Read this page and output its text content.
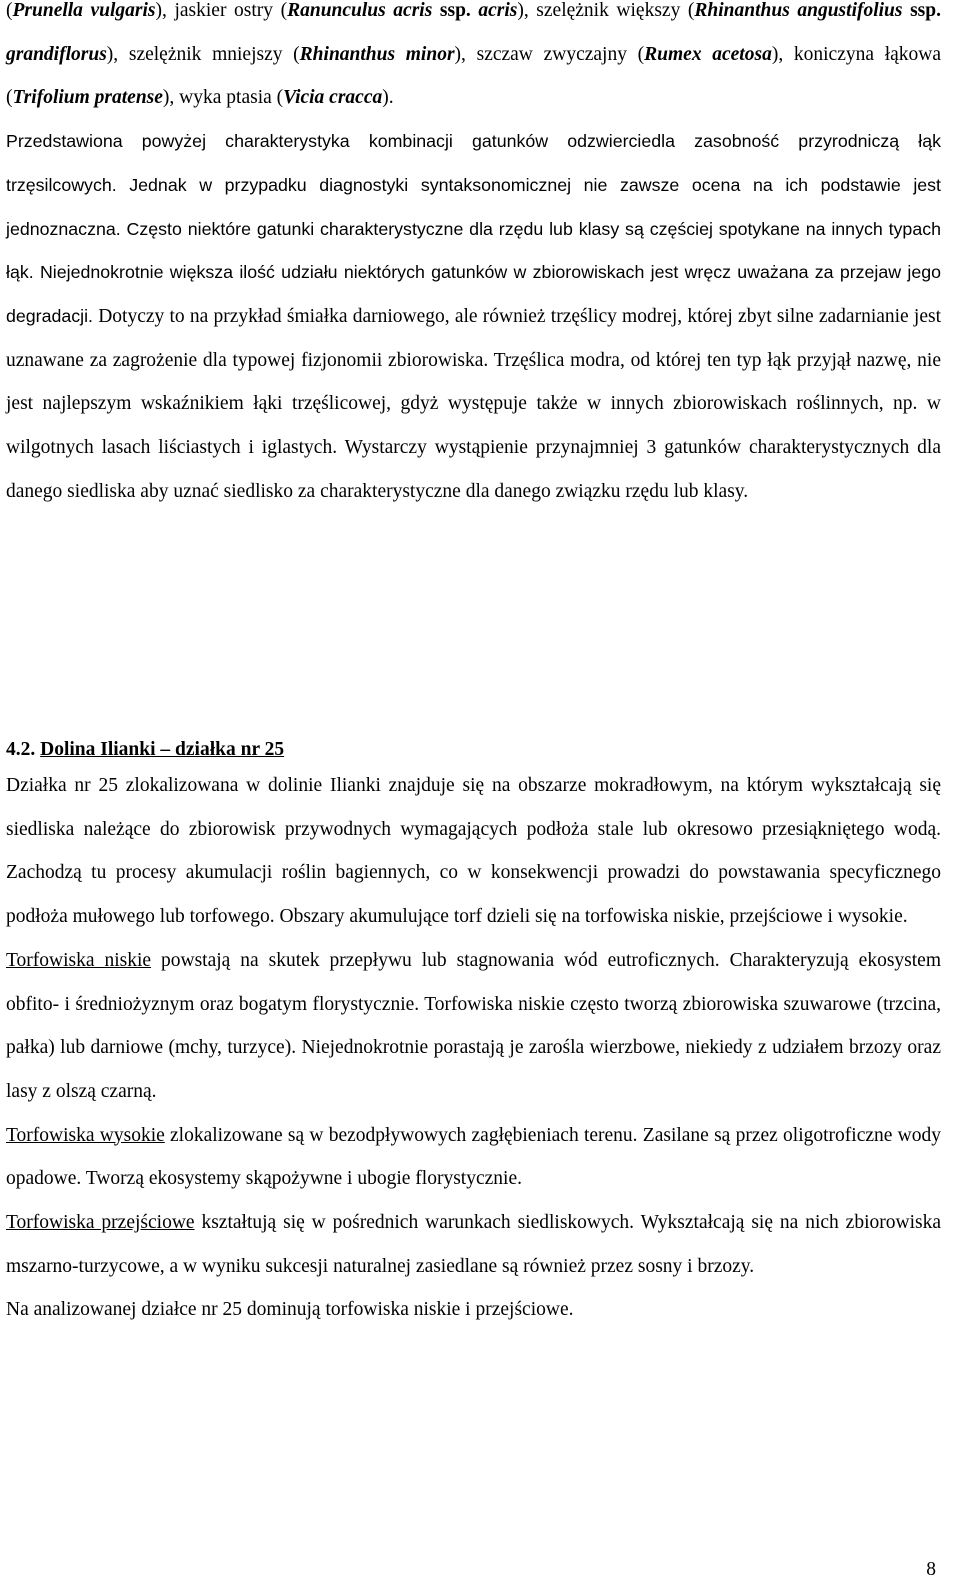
(Prunella vulgaris), jaskier ostry (Ranunculus acris ssp. acris), szelężnik większy (Rhinanthus angustifolius ssp. grandiflorus), szelężnik mniejszy (Rhinanthus minor), szczaw zwyczajny (Rumex acetosa), koniczyna łąkowa (Trifolium pratense), wyka ptasia (Vicia cracca).

Przedstawiona powyżej charakterystyka kombinacji gatunków odzwierciedla zasobność przyrodniczą łąk trzęsilcowych. Jednak w przypadku diagnostyki syntaksonomicznej nie zawsze ocena na ich podstawie jest jednoznaczna. Często niektóre gatunki charakterystyczne dla rzędu lub klasy są częściej spotykane na innych typach łąk. Niejednokrotnie większa ilość udziału niektórych gatunków w zbiorowiskach jest wręcz uważana za przejaw jego degradacji. Dotyczy to na przykład śmiałka darniowego, ale również trzęślicy modrej, której zbyt silne zadarnianie jest uznawane za zagrożenie dla typowej fizjonomii zbiorowiska. Trzęślica modra, od której ten typ łąk przyjął nazwę, nie jest najlepszym wskaźnikiem łąki trzęślicowej, gdyż występuje także w innych zbiorowiskach roślinnych, np. w wilgotnych lasach liściastych i iglastych. Wystarczy wystąpienie przynajmniej 3 gatunków charakterystycznych dla danego siedliska aby uznać siedlisko za charakterystyczne dla danego związku rzędu lub klasy.

4.2. Dolina Ilianki – działka nr 25

Działka nr 25 zlokalizowana w dolinie Ilianki znajduje się na obszarze mokradłowym, na którym wykształcają się siedliska należące do zbiorowisk przywodnych wymagających podłoża stale lub okresowo przesiąkniętego wodą. Zachodzą tu procesy akumulacji roślin bagiennych, co w konsekwencji prowadzi do powstawania specyficznego podłoża mułowego lub torfowego. Obszary akumulujące torf dzieli się na torfowiska niskie, przejściowe i wysokie.

Torfowiska niskie powstają na skutek przepływu lub stagnowania wód eutroficznych. Charakteryzują ekosystem obfito- i średniożyznym oraz bogatym florystycznie. Torfowiska niskie często tworzą zbiorowiska szuwarowe (trzcina, pałka) lub darniowe (mchy, turzyce). Niejednokrotnie porastają je zarośla wierzbowe, niekiedy z udziałem brzozy oraz lasy z olszą czarną.

Torfowiska wysokie zlokalizowane są w bezodpływowych zagłębieniach terenu. Zasilane są przez oligotroficzne wody opadowe. Tworzą ekosystemy skąpożywne i ubogie florystycznie.

Torfowiska przejściowe kształtują się w pośrednich warunkach siedliskowych. Wykształcają się na nich zbiorowiska mszarno-turzycowe, a w wyniku sukcesji naturalnej zasiedlane są również przez sosny i brzozy.

Na analizowanej działce nr 25 dominują torfowiska niskie i przejściowe.

8
